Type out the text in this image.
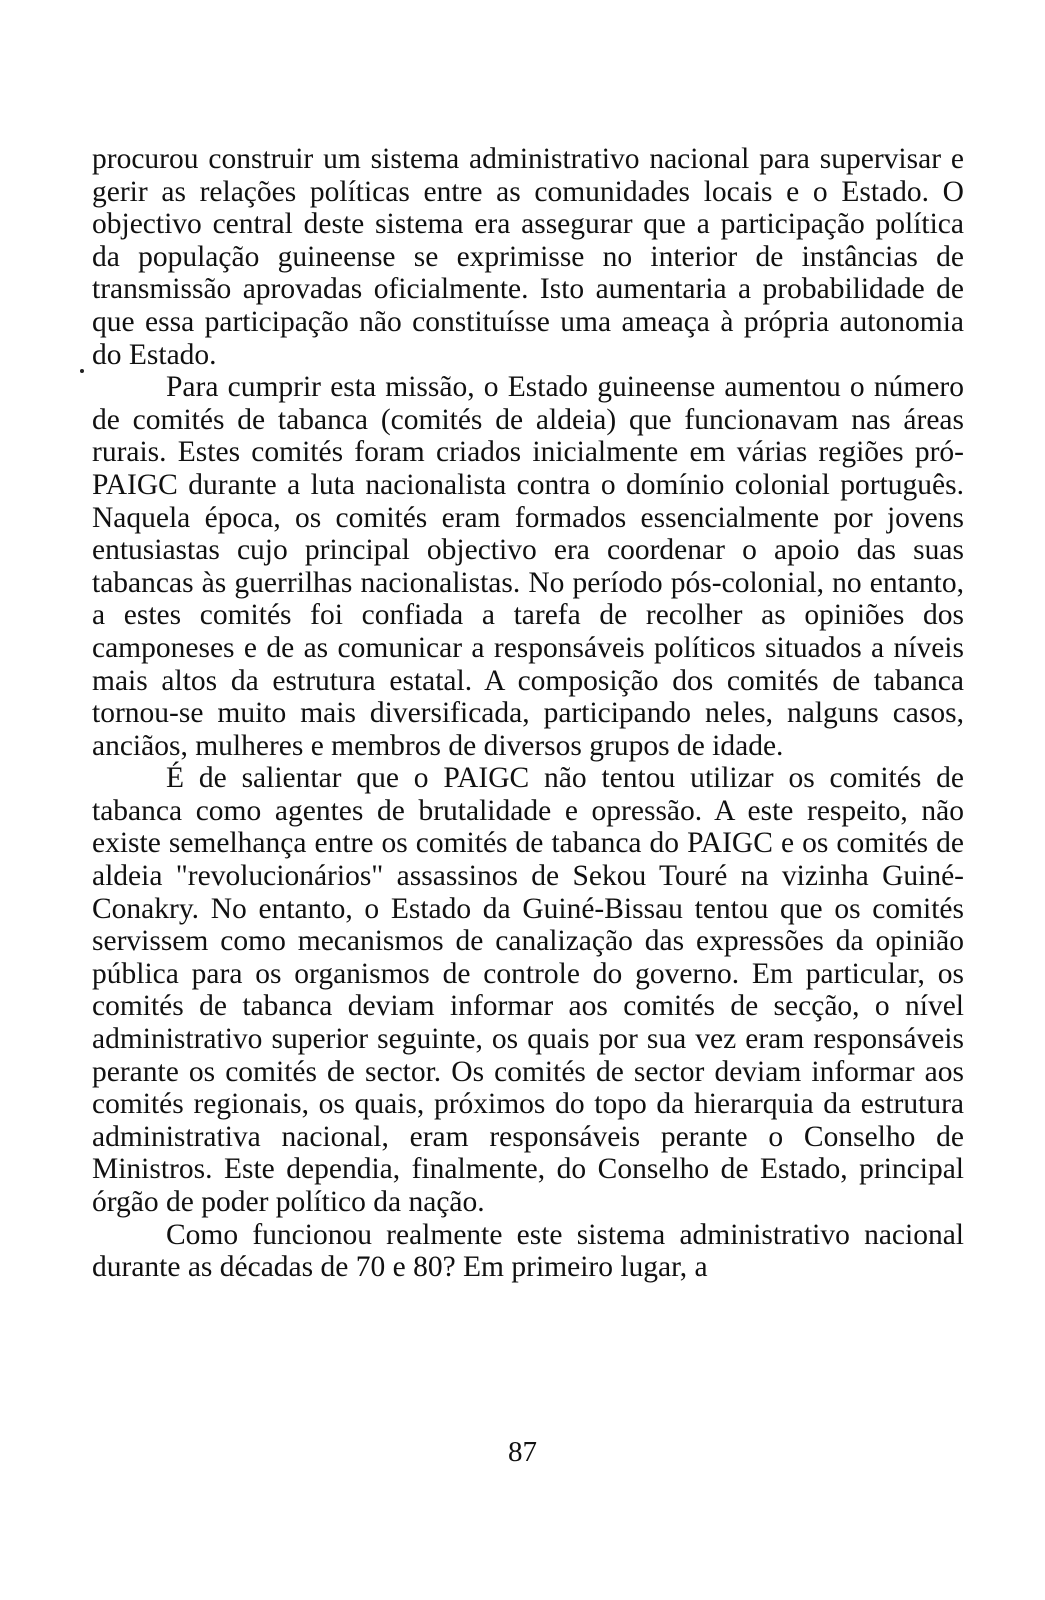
procurou construir um sistema administrativo nacional para supervisar e gerir as relações políticas entre as comunidades locais e o Estado. O objectivo central deste sistema era assegurar que a participação política da população guineense se exprimisse no interior de instâncias de transmissão aprovadas oficialmente. Isto aumentaria a probabilidade de que essa participação não constituísse uma ameaça à própria autonomia do Estado.

Para cumprir esta missão, o Estado guineense aumentou o número de comités de tabanca (comités de aldeia) que funcionavam nas áreas rurais. Estes comités foram criados inicialmente em várias regiões pró-PAIGC durante a luta nacionalista contra o domínio colonial português. Naquela época, os comités eram formados essencialmente por jovens entusiastas cujo principal objectivo era coordenar o apoio das suas tabancas às guerrilhas nacionalistas. No período pós-colonial, no entanto, a estes comités foi confiada a tarefa de recolher as opiniões dos camponeses e de as comunicar a responsáveis políticos situados a níveis mais altos da estrutura estatal. A composição dos comités de tabanca tornou-se muito mais diversificada, participando neles, nalguns casos, anciãos, mulheres e membros de diversos grupos de idade.

É de salientar que o PAIGC não tentou utilizar os comités de tabanca como agentes de brutalidade e opressão. A este respeito, não existe semelhança entre os comités de tabanca do PAIGC e os comités de aldeia "revolucionários" assassinos de Sekou Touré na vizinha Guiné-Conakry. No entanto, o Estado da Guiné-Bissau tentou que os comités servissem como mecanismos de canalização das expressões da opinião pública para os organismos de controle do governo. Em particular, os comités de tabanca deviam informar aos comités de secção, o nível administrativo superior seguinte, os quais por sua vez eram responsáveis perante os comités de sector. Os comités de sector deviam informar aos comités regionais, os quais, próximos do topo da hierarquia da estrutura administrativa nacional, eram responsáveis perante o Conselho de Ministros. Este dependia, finalmente, do Conselho de Estado, principal órgão de poder político da nação.

Como funcionou realmente este sistema administrativo nacional durante as décadas de 70 e 80? Em primeiro lugar, a

87
